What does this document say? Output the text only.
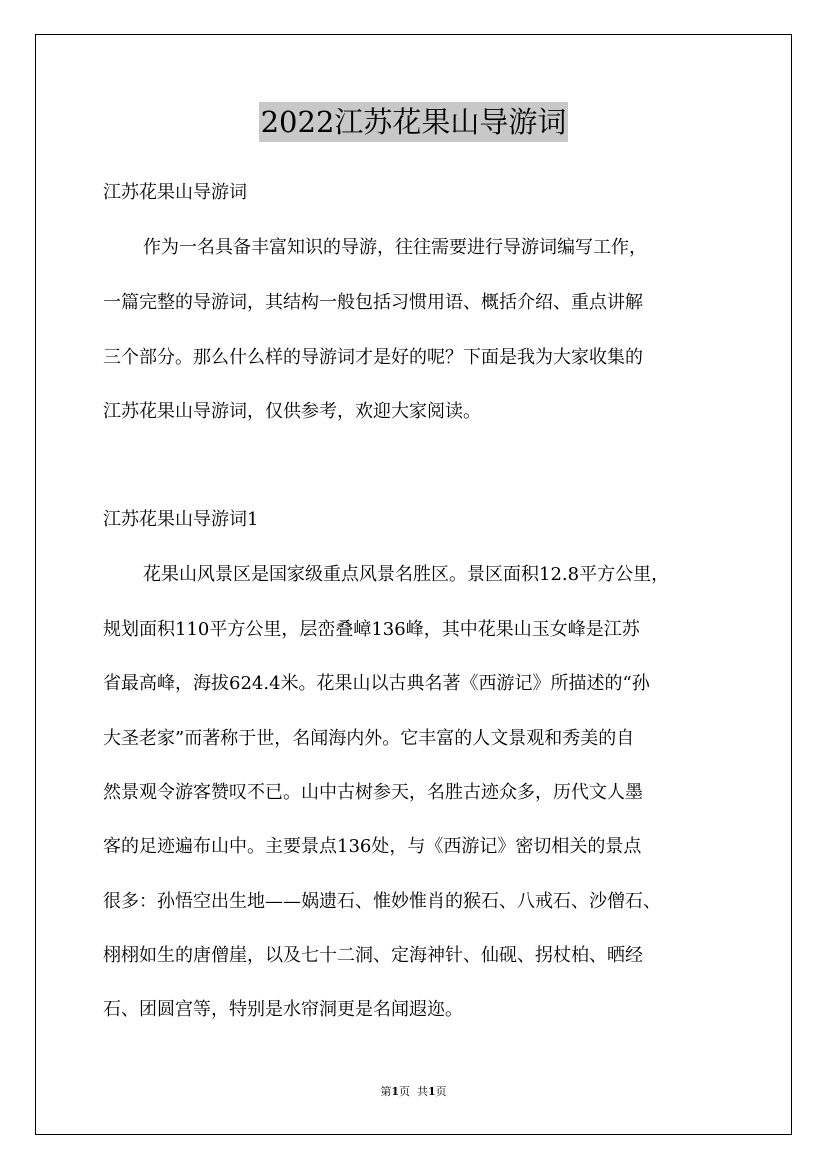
2022江苏花果山导游词
江苏花果山导游词
作为一名具备丰富知识的导游，往往需要进行导游词编写工作，
一篇完整的导游词，其结构一般包括习惯用语、概括介绍、重点讲解
三个部分。那么什么样的导游词才是好的呢？下面是我为大家收集的
江苏花果山导游词，仅供参考，欢迎大家阅读。
江苏花果山导游词1
花果山风景区是国家级重点风景名胜区。景区面积12.8平方公里，
规划面积110平方公里，层峦叠嶂136峰，其中花果山玉女峰是江苏
省最高峰，海拔624.4米。花果山以古典名著《西游记》所描述的“孙
大圣老家”而著称于世，名闻海内外。它丰富的人文景观和秀美的自
然景观令游客赞叹不已。山中古树参天，名胜古迹众多，历代文人墨
客的足迹遍布山中。主要景点136处，与《西游记》密切相关的景点
很多：孙悟空出生地——娲遗石、惟妙惟肖的猴石、八戒石、沙僧石、
栩栩如生的唐僧崖，以及七十二洞、定海神针、仙砚、拐杖柏、晒经
石、团圆宫等，特别是水帘洞更是名闻遐迩。
第1页 共1页
